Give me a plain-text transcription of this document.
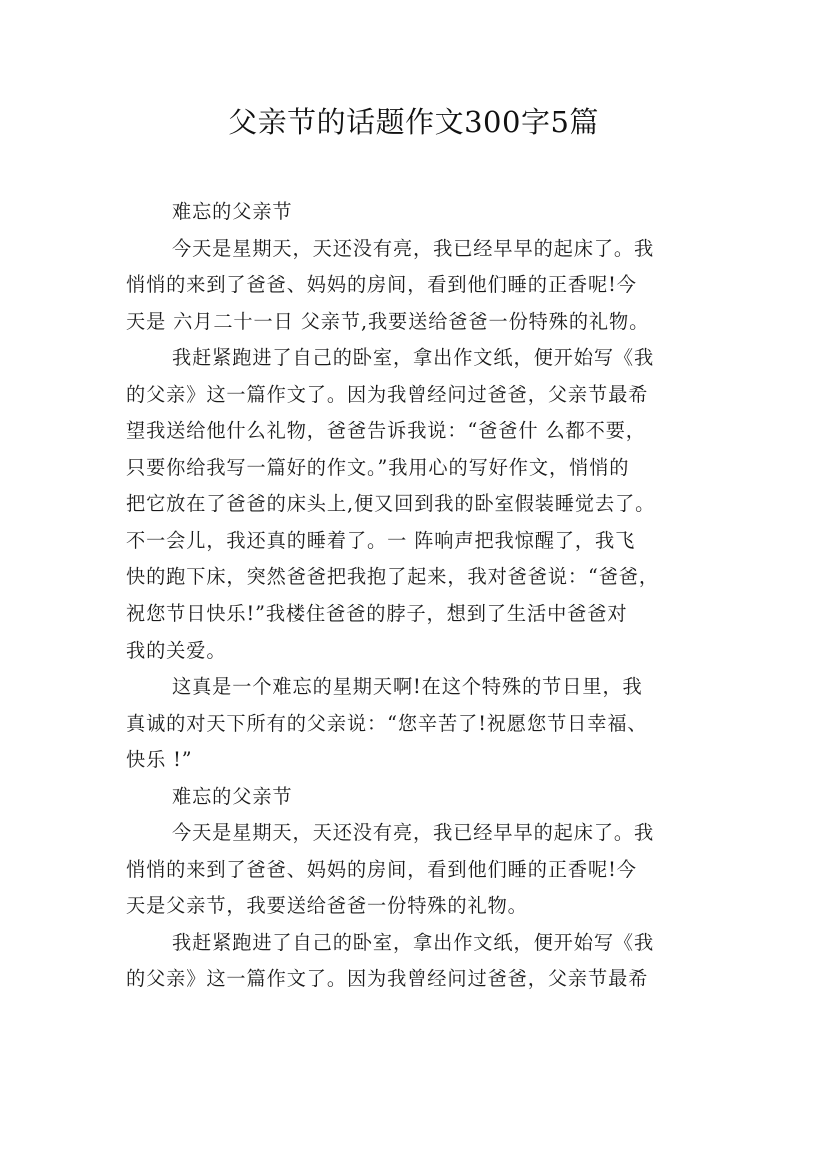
父亲节的话题作文300字5篇
难忘的父亲节
今天是星期天，天还没有亮，我已经早早的起床了。我
悄悄的来到了爸爸、妈妈的房间，看到他们睡的正香呢!今
天是 六月二十一日 父亲节,我要送给爸爸一份特殊的礼物。
我赶紧跑进了自己的卧室，拿出作文纸，便开始写《我
的父亲》这一篇作文了。因为我曾经问过爸爸，父亲节最希
望我送给他什么礼物，爸爸告诉我说：“爸爸什 么都不要，
只要你给我写一篇好的作文。”我用心的写好作文，悄悄的
把它放在了爸爸的床头上,便又回到我的卧室假装睡觉去了。
不一会儿，我还真的睡着了。一 阵响声把我惊醒了，我飞
快的跑下床，突然爸爸把我抱了起来，我对爸爸说：“爸爸，
祝您节日快乐!”我楼住爸爸的脖子，想到了生活中爸爸对
我的关爱。
这真是一个难忘的星期天啊!在这个特殊的节日里，我
真诚的对天下所有的父亲说：“您辛苦了!祝愿您节日幸福、
快乐 !”
难忘的父亲节
今天是星期天，天还没有亮，我已经早早的起床了。我
悄悄的来到了爸爸、妈妈的房间，看到他们睡的正香呢!今
天是父亲节，我要送给爸爸一份特殊的礼物。
我赶紧跑进了自己的卧室，拿出作文纸，便开始写《我
的父亲》这一篇作文了。因为我曾经问过爸爸，父亲节最希
